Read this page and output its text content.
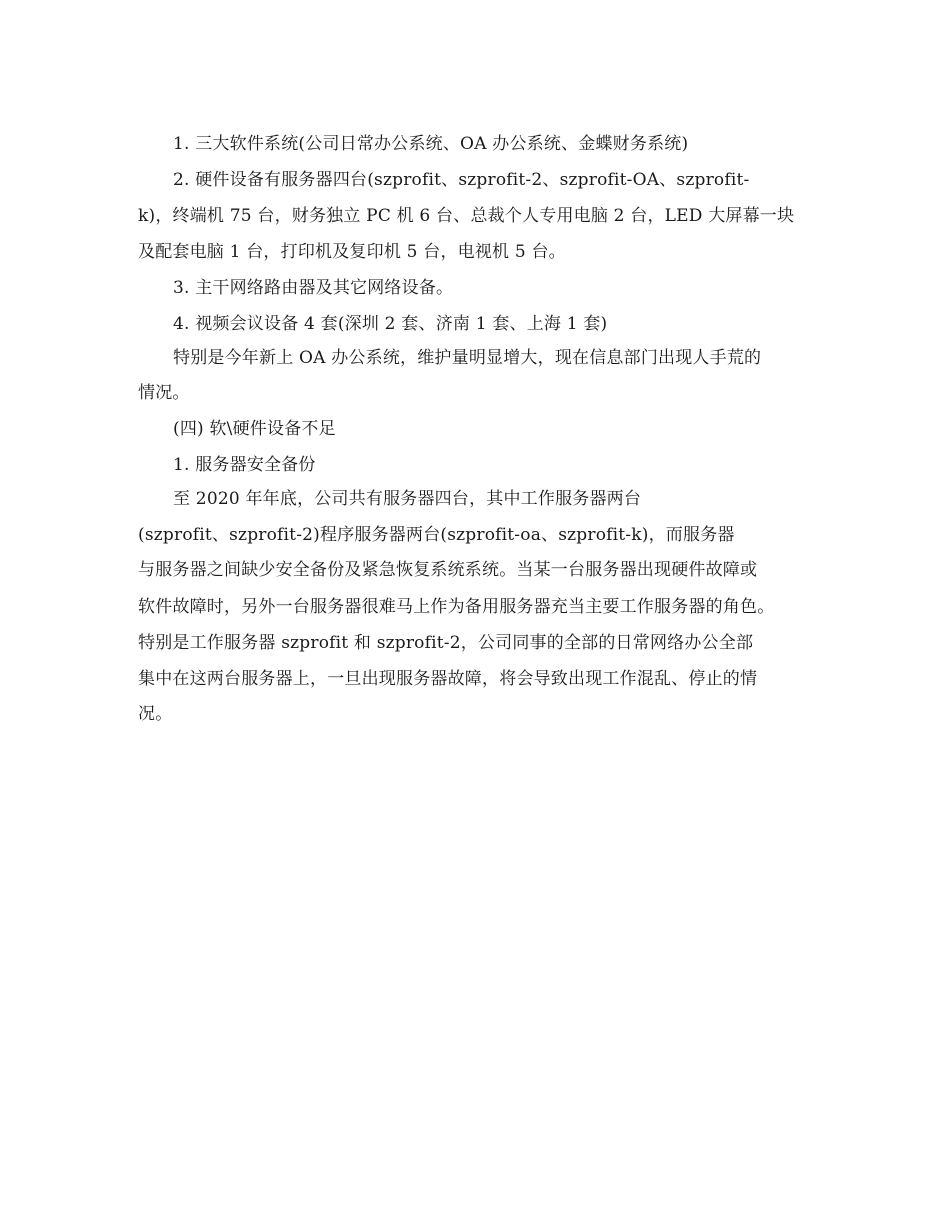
1. 三大软件系统(公司日常办公系统、OA 办公系统、金蝶财务系统)
2. 硬件设备有服务器四台(szprofit、szprofit-2、szprofit-OA、szprofit-
k)，终端机 75 台，财务独立 PC 机 6 台、总裁个人专用电脑 2 台，LED 大屏幕一块
及配套电脑 1 台，打印机及复印机 5 台，电视机 5 台。
3. 主干网络路由器及其它网络设备。
4. 视频会议设备 4 套(深圳 2 套、济南 1 套、上海 1 套)
特别是今年新上 OA 办公系统，维护量明显增大，现在信息部门出现人手荒的
情况。
(四) 软\硬件设备不足
1. 服务器安全备份
至 2020 年年底，公司共有服务器四台，其中工作服务器两台
(szprofit、szprofit-2)程序服务器两台(szprofit-oa、szprofit-k)，而服务器
与服务器之间缺少安全备份及紧急恢复系统系统。当某一台服务器出现硬件故障或
软件故障时，另外一台服务器很难马上作为备用服务器充当主要工作服务器的角色。
特别是工作服务器 szprofit 和 szprofit-2，公司同事的全部的日常网络办公全部
集中在这两台服务器上，一旦出现服务器故障，将会导致出现工作混乱、停止的情
况。
